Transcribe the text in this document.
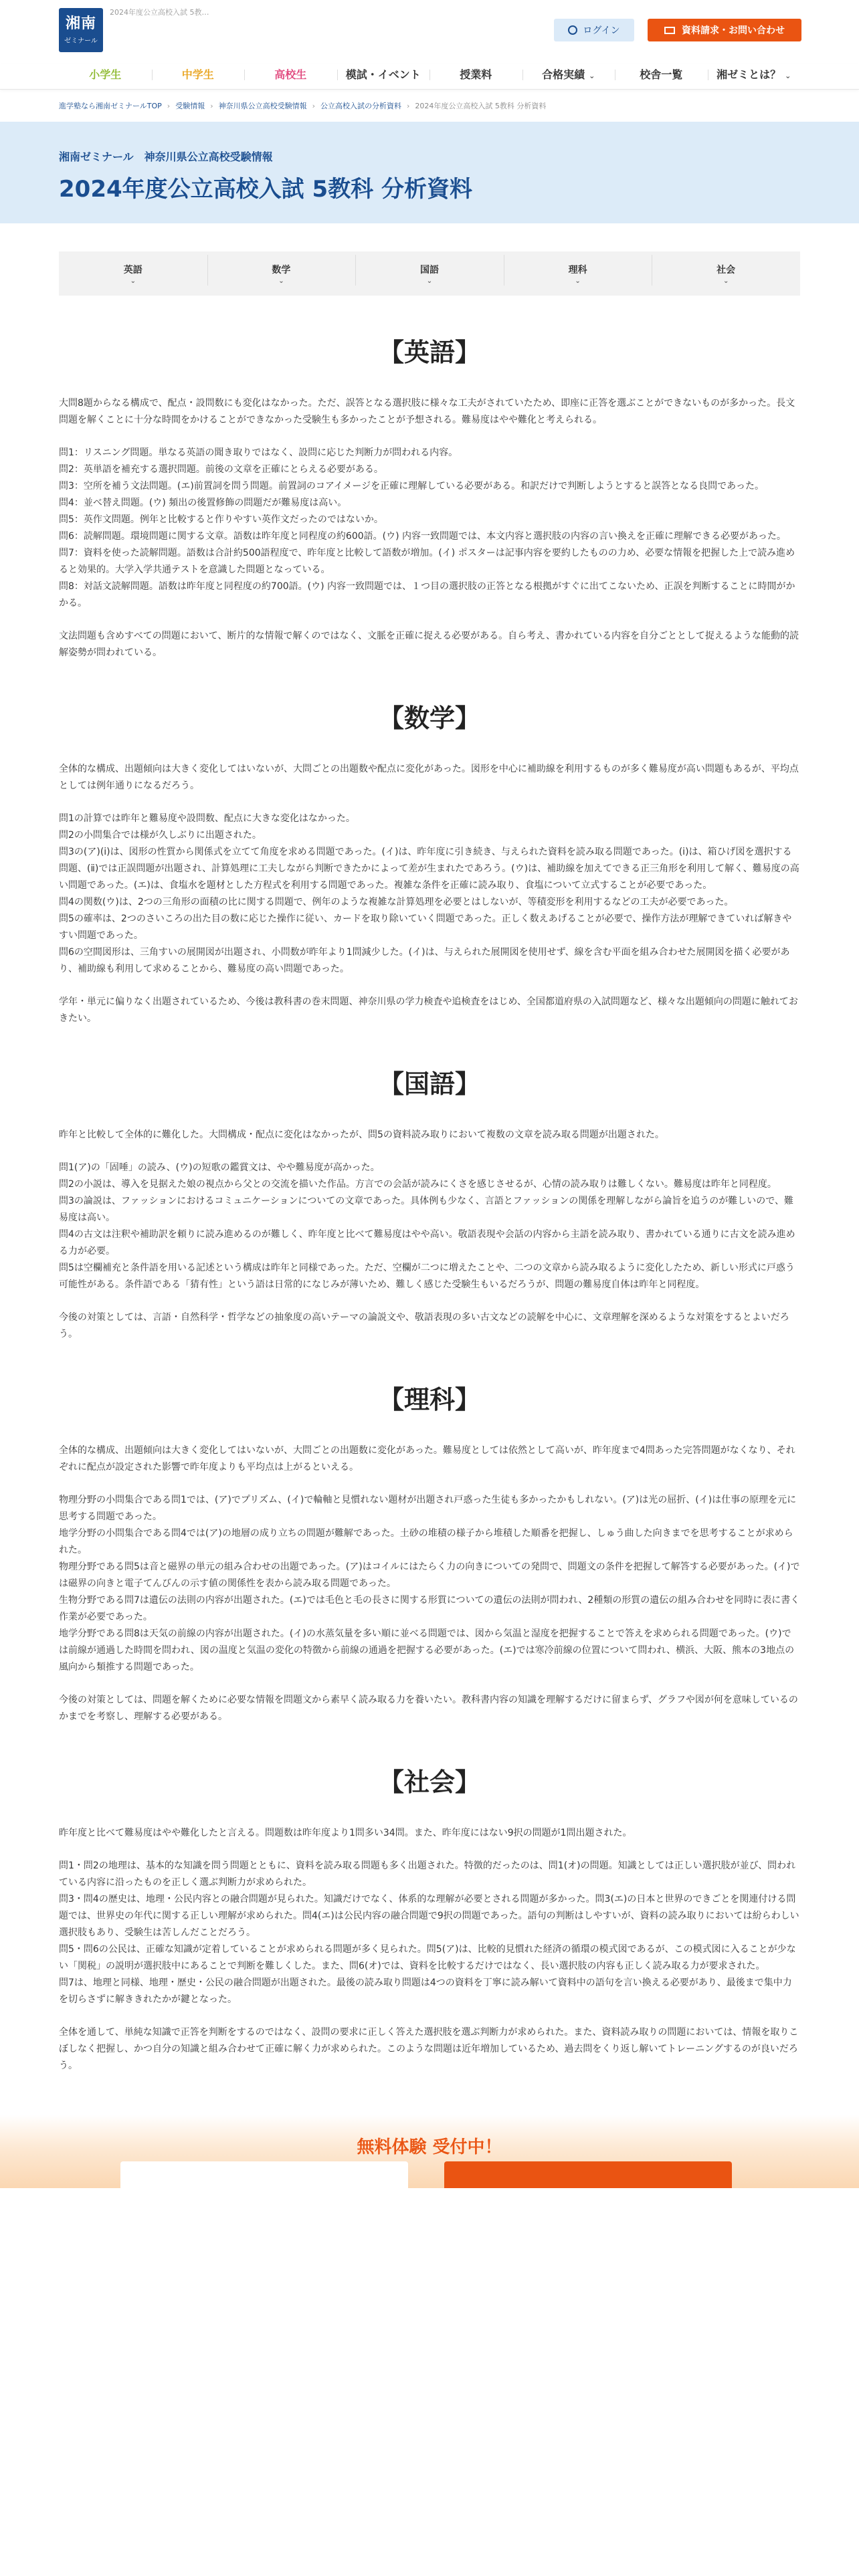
湘南
ゼミナール
2024年度公立高校入試 5教…
ログイン	資料請求・お問い合わせ
小学生	中学生	高校生	模試・イベント	授業料	合格実績 ⌄	校舎一覧	湘ゼミとは？ ⌄
進学塾なら湘南ゼミナールTOP › 受験情報 › 神奈川県公立高校受験情報 › 公立高校入試の分析資料 › 2024年度公立高校入試 5教科 分析資料
湘南ゼミナール　神奈川県公立高校受験情報
2024年度公立高校入試 5教科 分析資料
英語
⌄
数学
⌄
国語
⌄
理科
⌄
社会
⌄
【英語】

大問8題からなる構成で、配点・設問数にも変化はなかった。ただ、誤答となる選択肢に様々な工夫がされていたため、即座に正答を選ぶことができないものが多かった。長文問題を解くことに十分な時間をかけることができなかった受験生も多かったことが予想される。難易度はやや難化と考えられる。

問1：リスニング問題。単なる英語の聞き取りではなく、設問に応じた判断力が問われる内容。

問2：英単語を補充する選択問題。前後の文章を正確にとらえる必要がある。

問3：空所を補う文法問題。(エ)前置詞を問う問題。前置詞のコアイメージを正確に理解している必要がある。和訳だけで判断しようとすると誤答となる良問であった。

問4：並べ替え問題。(ウ) 頻出の後置修飾の問題だが難易度は高い。

問5：英作文問題。例年と比較すると作りやすい英作文だったのではないか。

問6：読解問題。環境問題に関する文章。語数は昨年度と同程度の約600語。(ウ) 内容一致問題では、本文内容と選択肢の内容の言い換えを正確に理解できる必要があった。

問7：資料を使った読解問題。語数は合計約500語程度で、昨年度と比較して語数が増加。(イ) ポスターは記事内容を要約したものの力め、必要な情報を把握した上で読み進めると効果的。大学入学共通テストを意識した問題となっている。

問8：対話文読解問題。語数は昨年度と同程度の約700語。(ウ) 内容一致問題では、１つ目の選択肢の正答となる根拠がすぐに出てこないため、正誤を判断することに時間がかかる。

文法問題も含めすべての問題において、断片的な情報で解くのではなく、文脈を正確に捉える必要がある。自ら考え、書かれている内容を自分ごととして捉えるような能動的読解姿勢が問われている。

【数学】

全体的な構成、出題傾向は大きく変化してはいないが、大問ごとの出題数や配点に変化があった。図形を中心に補助線を利用するものが多く難易度が高い問題もあるが、平均点としては例年通りになるだろう。

問1の計算では昨年と難易度や設問数、配点に大きな変化はなかった。

問2の小問集合では様が久しぶりに出題された。

問3の(ア)(ⅰ)は、図形の性質から関係式を立てて角度を求める問題であった。(イ)は、昨年度に引き続き、与えられた資料を読み取る問題であった。(ⅰ)は、箱ひげ図を選択する問題、(ⅱ)では正誤問題が出題され、計算処理に工夫しながら判断できたかによって差が生まれたであろう。(ウ)は、補助線を加えてできる正三角形を利用して解く、難易度の高い問題であった。(エ)は、食塩水を題材とした方程式を利用する問題であった。複雑な条件を正確に読み取り、食塩について立式することが必要であった。

問4の関数(ウ)は、2つの三角形の面積の比に関する問題で、例年のような複雑な計算処理を必要とはしないが、等積変形を利用するなどの工夫が必要であった。

問5の確率は、2つのさいころの出た目の数に応じた操作に従い、カードを取り除いていく問題であった。正しく数えあげることが必要で、操作方法が理解できていれば解きやすい問題であった。

問6の空間図形は、三角すいの展開図が出題され、小問数が昨年より1問減少した。(イ)は、与えられた展開図を使用せず、線を含む平面を組み合わせた展開図を描く必要があり、補助線も利用して求めることから、難易度の高い問題であった。

学年・単元に偏りなく出題されているため、今後は教科書の巻末問題、神奈川県の学力検査や追検査をはじめ、全国都道府県の入試問題など、様々な出題傾向の問題に触れておきたい。

【国語】

昨年と比較して全体的に難化した。大問構成・配点に変化はなかったが、問5の資料読み取りにおいて複数の文章を読み取る問題が出題された。

問1(ア)の「固唾」の読み、(ウ)の短歌の鑑賞文は、やや難易度が高かった。

問2の小説は、導入を見据えた娘の視点から父との交流を描いた作品。方言での会話が読みにくさを感じさせるが、心情の読み取りは難しくない。難易度は昨年と同程度。

問3の論説は、ファッションにおけるコミュニケーションについての文章であった。具体例も少なく、言語とファッションの関係を理解しながら論旨を追うのが難しいので、難易度は高い。

問4の古文は注釈や補助訳を頼りに読み進めるのが難しく、昨年度と比べて難易度はやや高い。敬語表現や会話の内容から主語を読み取り、書かれている通りに古文を読み進める力が必要。

問5は空欄補充と条件語を用いる記述という構成は昨年と同様であった。ただ、空欄が二つに増えたことや、二つの文章から読み取るように変化したため、新しい形式に戸惑う可能性がある。条件語である「猜有性」という語は日常的になじみが薄いため、難しく感じた受験生もいるだろうが、問題の難易度自体は昨年と同程度。

今後の対策としては、言語・自然科学・哲学などの抽象度の高いテーマの論説文や、敬語表現の多い古文などの読解を中心に、文章理解を深めるような対策をするとよいだろう。

【理科】

全体的な構成、出題傾向は大きく変化してはいないが、大問ごとの出題数に変化があった。難易度としては依然として高いが、昨年度まで4問あった完答問題がなくなり、それぞれに配点が設定された影響で昨年度よりも平均点は上がるといえる。

物理分野の小問集合である問1では、(ア)でプリズム、(イ)で輪軸と見慣れない題材が出題され戸惑った生徒も多かったかもしれない。(ア)は光の屈折、(イ)は仕事の原理を元に思考する問題であった。

地学分野の小問集合である問4では(ア)の地層の成り立ちの問題が難解であった。土砂の堆積の様子から堆積した順番を把握し、しゅう曲した向きまでを思考することが求められた。

物理分野である問5は音と磁界の単元の組み合わせの出題であった。(ア)はコイルにはたらく力の向きについての発問で、問題文の条件を把握して解答する必要があった。(イ)では磁界の向きと電子てんびんの示す値の関係性を表から読み取る問題であった。

生物分野である問7は遺伝の法則の内容が出題された。(エ)では毛色と毛の長さに関する形質についての遺伝の法則が問われ、2種類の形質の遺伝の組み合わせを同時に表に書く作業が必要であった。

地学分野である問8は天気の前線の内容が出題された。(イ)の水蒸気量を多い順に並べる問題では、図から気温と湿度を把握することで答えを求められる問題であった。(ウ)では前線が通過した時間を問われ、図の温度と気温の変化の特徴から前線の通過を把握する必要があった。(エ)では寒冷前線の位置について問われ、横浜、大阪、熊本の3地点の風向から類推する問題であった。

今後の対策としては、問題を解くために必要な情報を問題文から素早く読み取る力を養いたい。教科書内容の知識を理解するだけに留まらず、グラフや図が何を意味しているのかまでを考察し、理解する必要がある。

【社会】

昨年度と比べて難易度はやや難化したと言える。問題数は昨年度より1問多い34問。また、昨年度にはない9択の問題が1問出題された。

問1・問2の地理は、基本的な知識を問う問題とともに、資料を読み取る問題も多く出題された。特徴的だったのは、問1(オ)の問題。知識としては正しい選択肢が並び、問われている内容に沿ったものを正しく選ぶ判断力が求められた。

問3・問4の歴史は、地理・公民内容との融合問題が見られた。知識だけでなく、体系的な理解が必要とされる問題が多かった。問3(エ)の日本と世界のできごとを関連付ける問題では、世界史の年代に関する正しい理解が求められた。問4(エ)は公民内容の融合問題で9択の問題であった。語句の判断はしやすいが、資料の読み取りにおいては紛らわしい選択肢もあり、受験生は苦しんだことだろう。

問5・問6の公民は、正確な知識が定着していることが求められる問題が多く見られた。問5(ア)は、比較的見慣れた経済の循環の模式図であるが、この模式図に入ることが少ない「関税」の説明が選択肢中にあることで判断を難しくした。また、問6(オ)では、資料を比較するだけではなく、長い選択肢の内容も正しく読み取る力が要求された。

問7は、地理と同様、地理・歴史・公民の融合問題が出題された。最後の読み取り問題は4つの資料を丁寧に読み解いて資料中の語句を言い換える必要があり、最後まで集中力を切らさずに解ききれたかが鍵となった。

全体を通して、単純な知識で正答を判断をするのではなく、設問の要求に正しく答えた選択肢を選ぶ判断力が求められた。また、資料読み取りの問題においては、情報を取りこぼしなく把握し、かつ自分の知識と組み合わせて正確に解く力が求められた。このような問題は近年増加しているため、過去問をくり返し解いてトレーニングするのが良いだろう。

無料体験 受付中！
